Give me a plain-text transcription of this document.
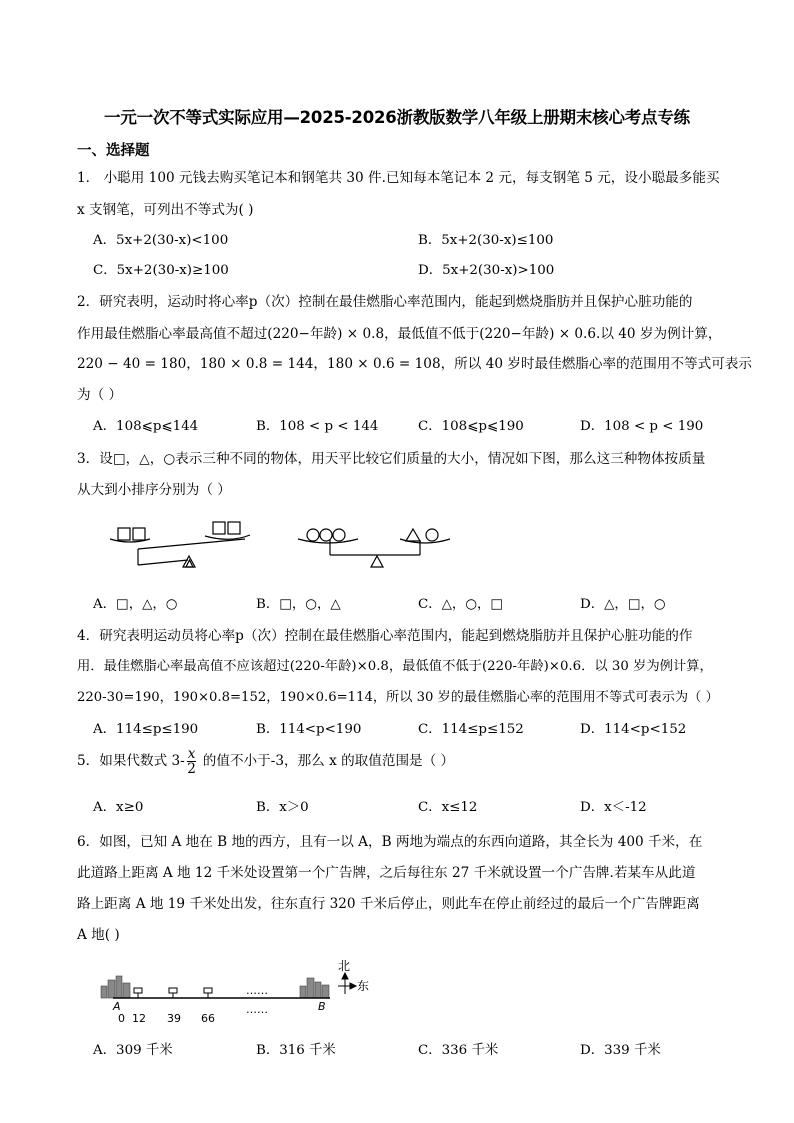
一元一次不等式实际应用—2025-2026浙教版数学八年级上册期末核心考点专练
一、选择题
1． 小聪用 100 元钱去购买笔记本和钢笔共 30 件.已知每本笔记本 2 元，每支钢笔 5 元，设小聪最多能买
x 支钢笔，可列出不等式为( )
A．5x+2(30-x)<100	B．5x+2(30-x)≤100
C．5x+2(30-x)≥100	D．5x+2(30-x)>100
2．研究表明，运动时将心率p（次）控制在最佳燃脂心率范围内，能起到燃烧脂肪并且保护心脏功能的
作用最佳燃脂心率最高值不超过(220−年龄) × 0.8，最低值不低于(220−年龄) × 0.6.以 40 岁为例计算，
220 − 40 = 180，180 × 0.8 = 144，180 × 0.6 = 108，所以 40 岁时最佳燃脂心率的范围用不等式可表示
为（ ）
A．108⩽p⩽144	B．108 < p < 144	C．108⩽p⩽190	D．108 < p < 190
3．设□，△，○表示三种不同的物体，用天平比较它们质量的大小，情况如下图，那么这三种物体按质量
从大到小排序分别为（ ）
A．□，△，○	B．□，○，△	C．△，○，□	D．△，□，○
4．研究表明运动员将心率p（次）控制在最佳燃脂心率范围内，能起到燃烧脂肪并且保护心脏功能的作
用．最佳燃脂心率最高值不应该超过(220-年龄)×0.8，最低值不低于(220-年龄)×0.6．以 30 岁为例计算，
220-30=190，190×0.8=152，190×0.6=114，所以 30 岁的最佳燃脂心率的范围用不等式可表示为（ ）
A．114≤p≤190	B．114<p<190	C．114≤p≤152	D．114<p<152
5．如果代数式 $3- \frac{x}{2}$ 的值不小于-3，那么 x 的取值范围是（ ）
A．x≥0	B．x＞0	C．x≤12	D．x＜-12
6．如图，已知 A 地在 B 地的西方，且有一以 A，B 两地为端点的东西向道路，其全长为 400 千米，在
此道路上距离 A 地 12 千米处设置第一个广告牌，之后每往东 27 千米就设置一个广告牌.若某车从此道
路上距离 A 地 19 千米处出发，往东直行 320 千米后停止，则此车在停止前经过的最后一个广告牌距离
A 地( )
……
……
A	B
0 12 39 66
北
东
A．309 千米	B．316 千米	C．336 千米	D．339 千米
